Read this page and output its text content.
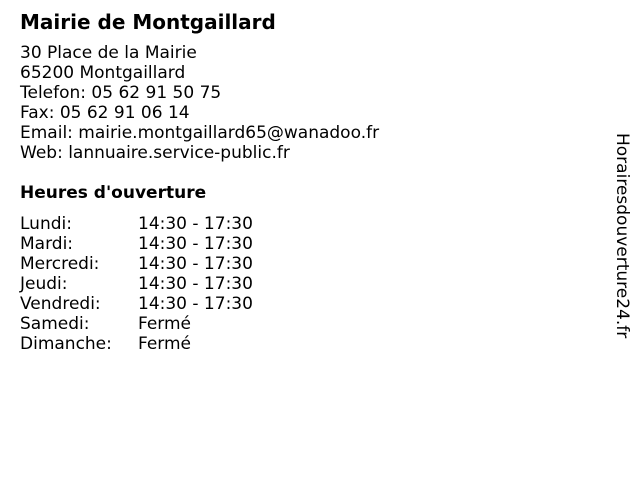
Mairie de Montgaillard
30 Place de la Mairie
65200 Montgaillard
Telefon: 05 62 91 50 75
Fax: 05 62 91 06 14
Email: mairie.montgaillard65@wanadoo.fr
Web: lannuaire.service-public.fr
Heures d'ouverture
Lundi:	14:30 - 17:30
Mardi:	14:30 - 17:30
Mercredi:	14:30 - 17:30
Jeudi:	14:30 - 17:30
Vendredi:	14:30 - 17:30
Samedi:	Fermé
Dimanche:	Fermé
Horairesdouverture24.fr
